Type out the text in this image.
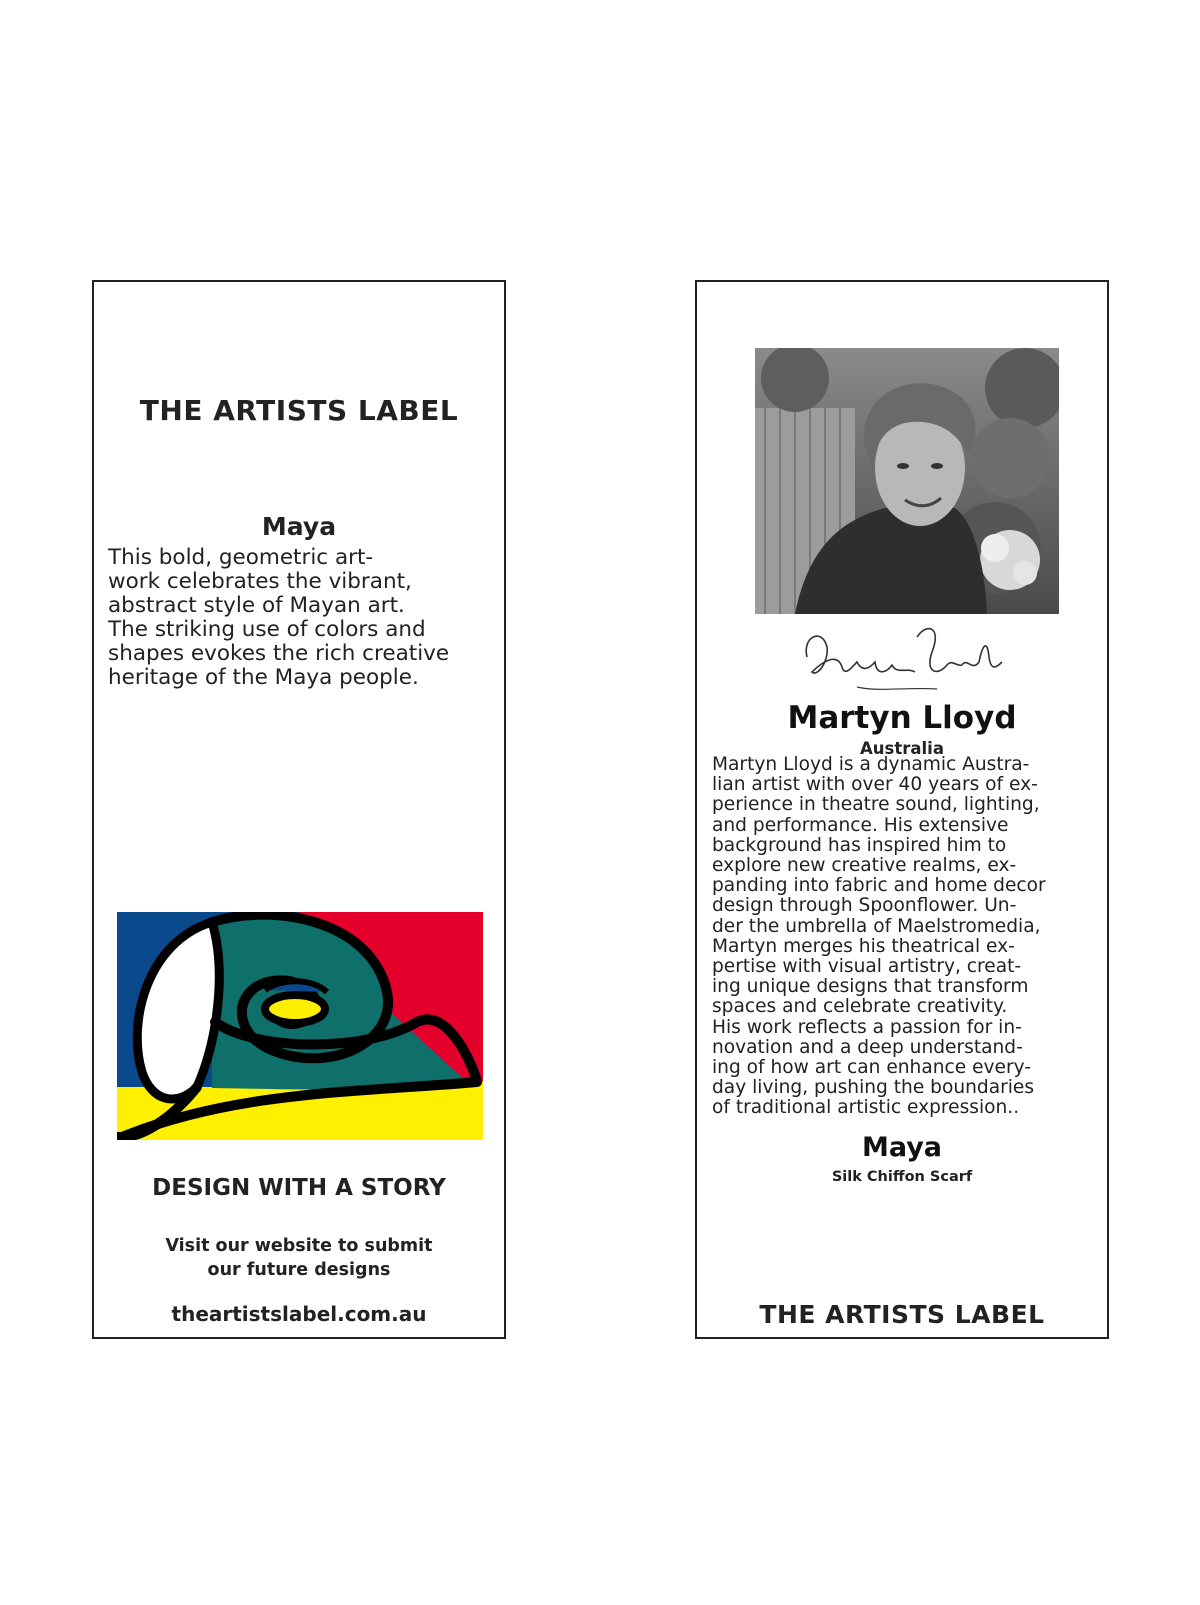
THE ARTISTS LABEL
Maya

This bold, geometric art-
work celebrates the vibrant,
abstract style of Mayan art.
The striking use of colors and
shapes evokes the rich creative
heritage of the Maya people.

DESIGN WITH A STORY
Visit our website to submit
our future designs
theartistslabel.com.au
Martyn Lloyd
Australia

Martyn Lloyd is a dynamic Austra-
lian artist with over 40 years of ex-
perience in theatre sound, lighting,
and performance. His extensive
background has inspired him to
explore new creative realms, ex-
panding into fabric and home decor
design through Spoonflower. Un-
der the umbrella of Maelstromedia,
Martyn merges his theatrical ex-
pertise with visual artistry, creat-
ing unique designs that transform
spaces and celebrate creativity.
His work reflects a passion for in-
novation and a deep understand-
ing of how art can enhance every-
day living, pushing the boundaries
of traditional artistic expression..

Maya
Silk Chiffon Scarf
THE ARTISTS LABEL
